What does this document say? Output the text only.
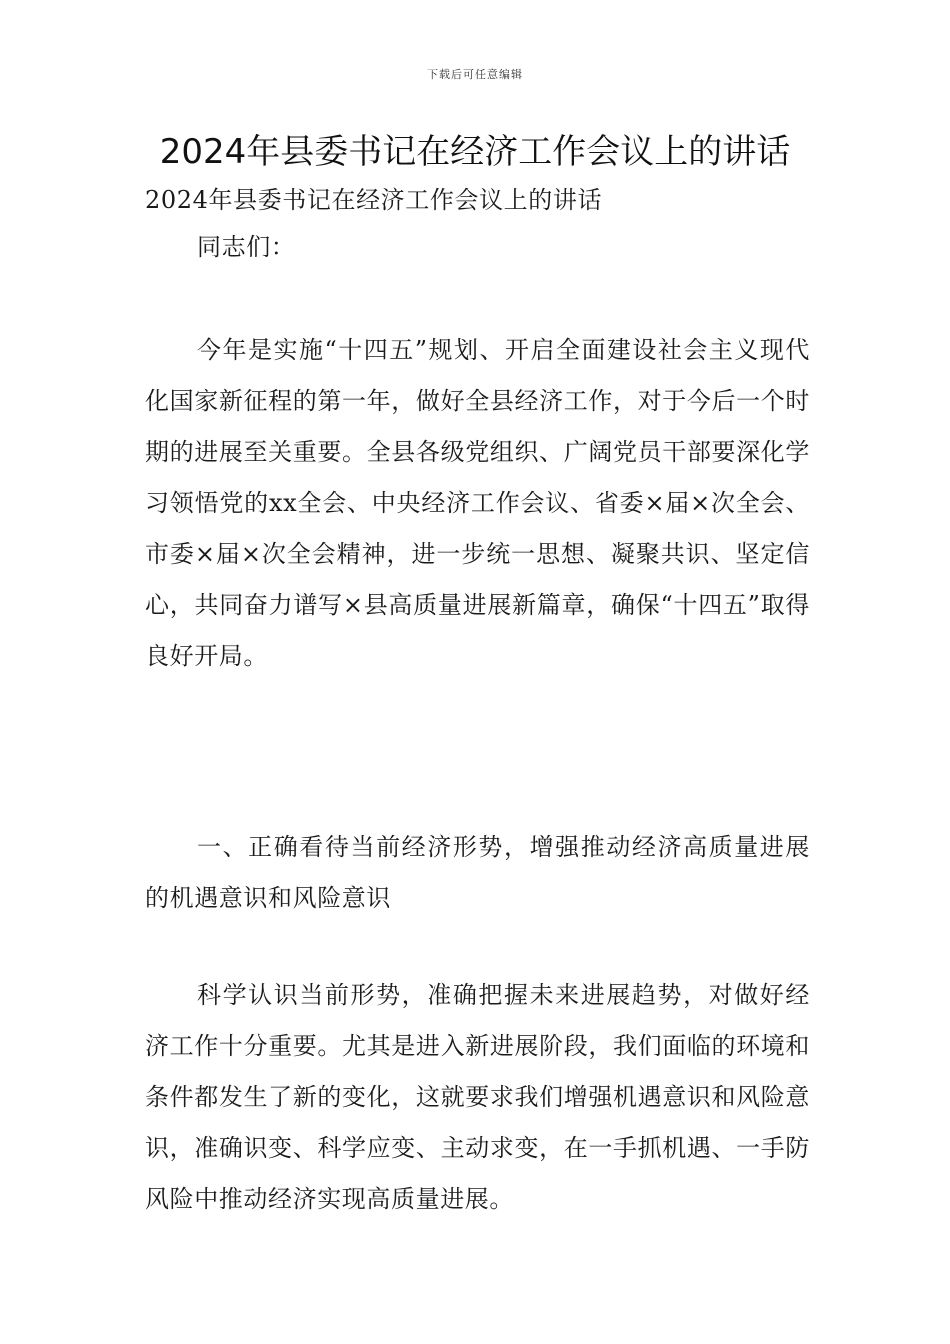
下载后可任意编辑
2024年县委书记在经济工作会议上的讲话

2024年县委书记在经济工作会议上的讲话

同志们：

今年是实施“十四五”规划、开启全面建设社会主义现代化国家新征程的第一年，做好全县经济工作，对于今后一个时期的进展至关重要。全县各级党组织、广阔党员干部要深化学习领悟党的xx全会、中央经济工作会议、省委×届×次全会、市委×届×次全会精神，进一步统一思想、凝聚共识、坚定信心，共同奋力谱写×县高质量进展新篇章，确保“十四五”取得良好开局。

一、正确看待当前经济形势，增强推动经济高质量进展的机遇意识和风险意识

科学认识当前形势，准确把握未来进展趋势，对做好经济工作十分重要。尤其是进入新进展阶段，我们面临的环境和条件都发生了新的变化，这就要求我们增强机遇意识和风险意识，准确识变、科学应变、主动求变，在一手抓机遇、一手防风险中推动经济实现高质量进展。
